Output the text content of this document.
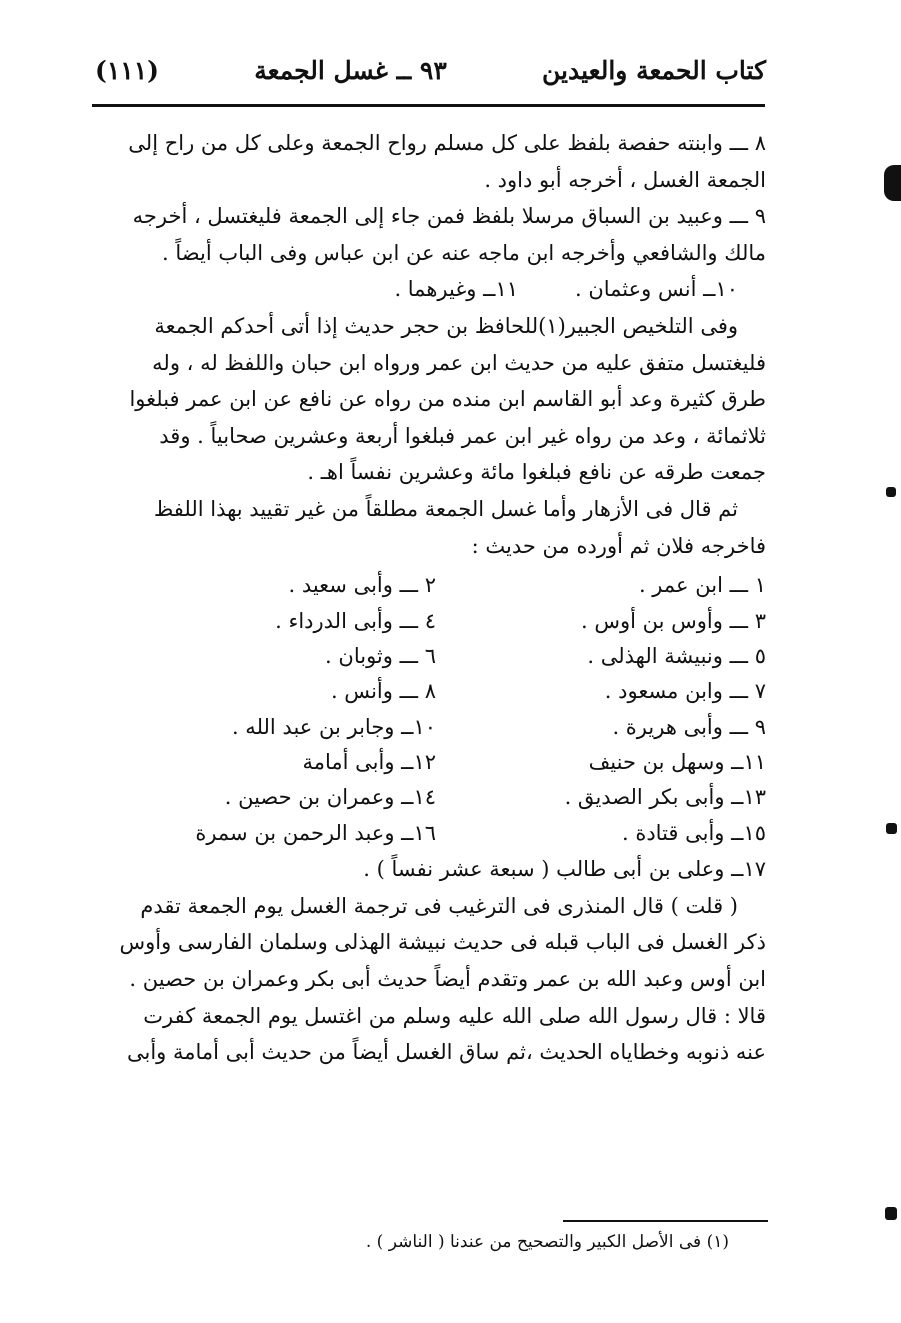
كتاب الحمعة والعيدين
٩٣ ــ غسل الجمعة
(١١١)

٨ ـــ وابنته حفصة بلفظ على كل مسلم رواح الجمعة وعلى كل من راح إلى

الجمعة الغسل ، أخرجه أبو داود .

٩ ـــ وعبيد بن السباق مرسلا بلفظ فمن جاء إلى الجمعة فليغتسل ، أخرجه

مالك والشافعي وأخرجه ابن ماجه عنه عن ابن عباس وفى الباب أيضاً .

١٠ــ أنس وعثمان .
١١ــ وغيرهما .

وفى التلخيص الجبير(١)للحافظ بن حجر حديث إذا أتى أحدكم الجمعة

فليغتسل متفق عليه من حديث ابن عمر ورواه ابن حبان واللفظ له ، وله

طرق كثيرة وعد أبو القاسم ابن منده من رواه عن نافع عن ابن عمر فبلغوا

ثلاثمائة ، وعد من رواه غير ابن عمر فبلغوا أربعة وعشرين صحابياً . وقد

جمعت طرقه عن نافع فبلغوا مائة وعشرين نفساً اهـ .

ثم قال فى الأزهار وأما غسل الجمعة مطلقاً من غير تقييد بهذا اللفظ

فاخرجه فلان ثم أورده من حديث :

١ ـــ ابن عمر .
٢ ـــ وأبى سعيد .
٣ ـــ وأوس بن أوس .
٤ ـــ وأبى الدرداء .
٥ ـــ ونبيشة الهذلى .
٦ ـــ وثوبان .
٧ ـــ وابن مسعود .
٨ ـــ وأنس .
٩ ـــ وأبى هريرة .
١٠ــ وجابر بن عبد الله .
١١ــ وسهل بن حنيف
١٢ــ وأبى أمامة
١٣ــ وأبى بكر الصديق .
١٤ــ وعمران بن حصين .
١٥ــ وأبى قتادة .
١٦ــ وعبد الرحمن بن سمرة

١٧ــ وعلى بن أبى طالب ( سبعة عشر نفساً ) .

( قلت ) قال المنذرى فى الترغيب فى ترجمة الغسل يوم الجمعة تقدم

ذكر الغسل فى الباب قبله فى حديث نبيشة الهذلى وسلمان الفارسى وأوس

ابن أوس وعبد الله بن عمر وتقدم أيضاً حديث أبى بكر وعمران بن حصين .

قالا : قال رسول الله صلى الله عليه وسلم من اغتسل يوم الجمعة كفرت

عنه ذنوبه وخطاياه الحديث ،ثم ساق الغسل أيضاً من حديث أبى أمامة وأبى

(١) فى الأصل الكبير والتصحيح من عندنا ( الناشر ) .
